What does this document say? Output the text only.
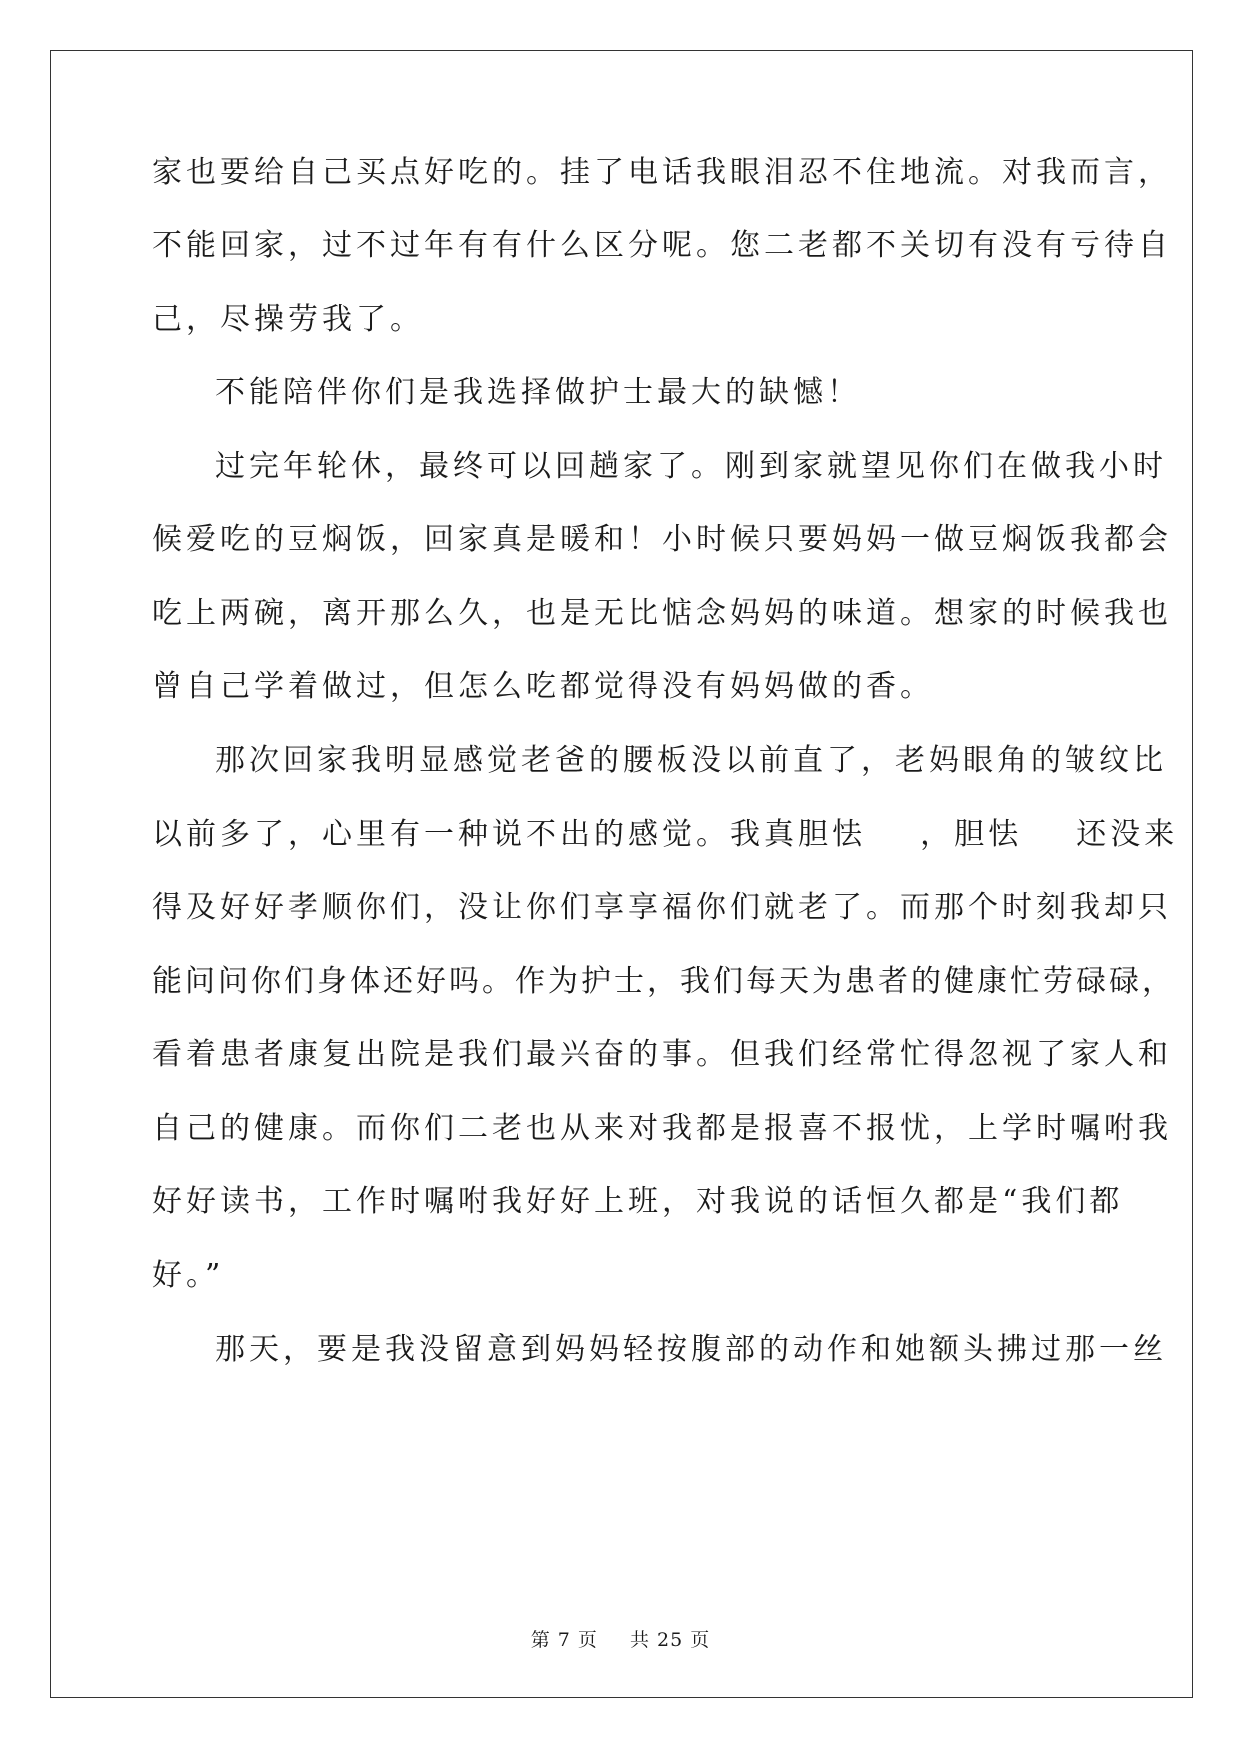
家也要给自己买点好吃的。挂了电话我眼泪忍不住地流。对我而言，
不能回家，过不过年有有什么区分呢。您二老都不关切有没有亏待自
己，尽操劳我了。
不能陪伴你们是我选择做护士最大的缺憾！
过完年轮休，最终可以回趟家了。刚到家就望见你们在做我小时
候爱吃的豆焖饭，回家真是暖和！小时候只要妈妈一做豆焖饭我都会
吃上两碗，离开那么久，也是无比惦念妈妈的味道。想家的时候我也
曾自己学着做过，但怎么吃都觉得没有妈妈做的香。
那次回家我明显感觉老爸的腰板没以前直了，老妈眼角的皱纹比
以前多了，心里有一种说不出的感觉。我真胆怯    ，胆怯    还没来
得及好好孝顺你们，没让你们享享福你们就老了。而那个时刻我却只
能问问你们身体还好吗。作为护士，我们每天为患者的健康忙劳碌碌，
看着患者康复出院是我们最兴奋的事。但我们经常忙得忽视了家人和
自己的健康。而你们二老也从来对我都是报喜不报忧，上学时嘱咐我
好好读书，工作时嘱咐我好好上班，对我说的话恒久都是“我们都
好。”
那天，要是我没留意到妈妈轻按腹部的动作和她额头拂过那一丝
第 7 页 共 25 页
